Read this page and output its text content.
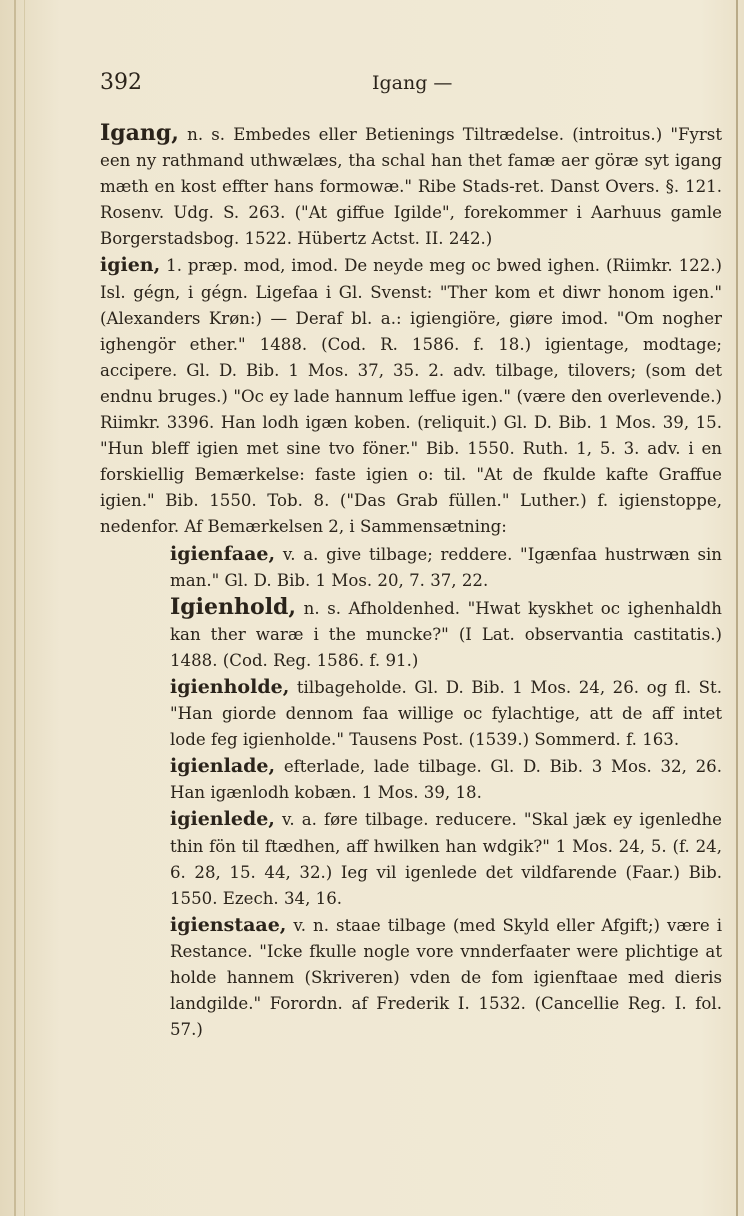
392	Igang —

Igang, n. s. Embedes eller Betienings Tiltrædelse. (introitus.) "Fyrst een ny rathmand uthwælæs, tha schal han thet famæ aer göræ syt igang mæth en kost effter hans formowæ." Ribe Stads-ret. Danst Overs. §. 121. Rosenv. Udg. S. 263. ("At giffue Igilde", forekommer i Aarhuus gamle Borgerstadsbog. 1522. Hübertz Actst. II. 242.)

igien, 1. præp. mod, imod. De neyde meg oc bwed ighen. (Riimkr. 122.) Isl. gégn, i gégn. Ligefaa i Gl. Svenst: "Ther kom et diwr honom igen." (Alexanders Krøn:) — Deraf bl. a.: igiengiöre, giøre imod. "Om nogher ighengör ether." 1488. (Cod. R. 1586. f. 18.) igientage, modtage; accipere. Gl. D. Bib. 1 Mos. 37, 35. 2. adv. tilbage, tilovers; (som det endnu bruges.) "Oc ey lade hannum leffue igen." (være den overlevende.) Riimkr. 3396. Han lodh igæn koben. (reliquit.) Gl. D. Bib. 1 Mos. 39, 15. "Hun bleff igien met sine tvo föner." Bib. 1550. Ruth. 1, 5. 3. adv. i en forskiellig Bemærkelse: faste igien o: til. "At de fkulde kafte Graffue igien." Bib. 1550. Tob. 8. ("Das Grab füllen." Luther.) f. igienstoppe, nedenfor. Af Bemærkelsen 2, i Sammensætning:

igienfaae, v. a. give tilbage; reddere. "Igænfaa hustrwæn sin man." Gl. D. Bib. 1 Mos. 20, 7. 37, 22.

Igienhold, n. s. Afholdenhed. "Hwat kyskhet oc ighenhaldh kan ther waræ i the muncke?" (I Lat. observantia castitatis.) 1488. (Cod. Reg. 1586. f. 91.)

igienholde, tilbageholde. Gl. D. Bib. 1 Mos. 24, 26. og fl. St. "Han giorde dennom faa willige oc fylachtige, att de aff intet lode feg igienholde." Tausens Post. (1539.) Sommerd. f. 163.

igienlade, efterlade, lade tilbage. Gl. D. Bib. 3 Mos. 32, 26. Han igænlodh kobæn. 1 Mos. 39, 18.

igienlede, v. a. føre tilbage. reducere. "Skal jæk ey igenledhe thin fön til ftædhen, aff hwilken han wdgik?" 1 Mos. 24, 5. (f. 24, 6. 28, 15. 44, 32.) Ieg vil igenlede det vildfarende (Faar.) Bib. 1550. Ezech. 34, 16.

igienstaae, v. n. staae tilbage (med Skyld eller Afgift;) være i Restance. "Icke fkulle nogle vore vnnderfaater were plichtige at holde hannem (Skriveren) vden de fom igienftaae med dieris landgilde." Forordn. af Frederik I. 1532. (Cancellie Reg. I. fol. 57.)
